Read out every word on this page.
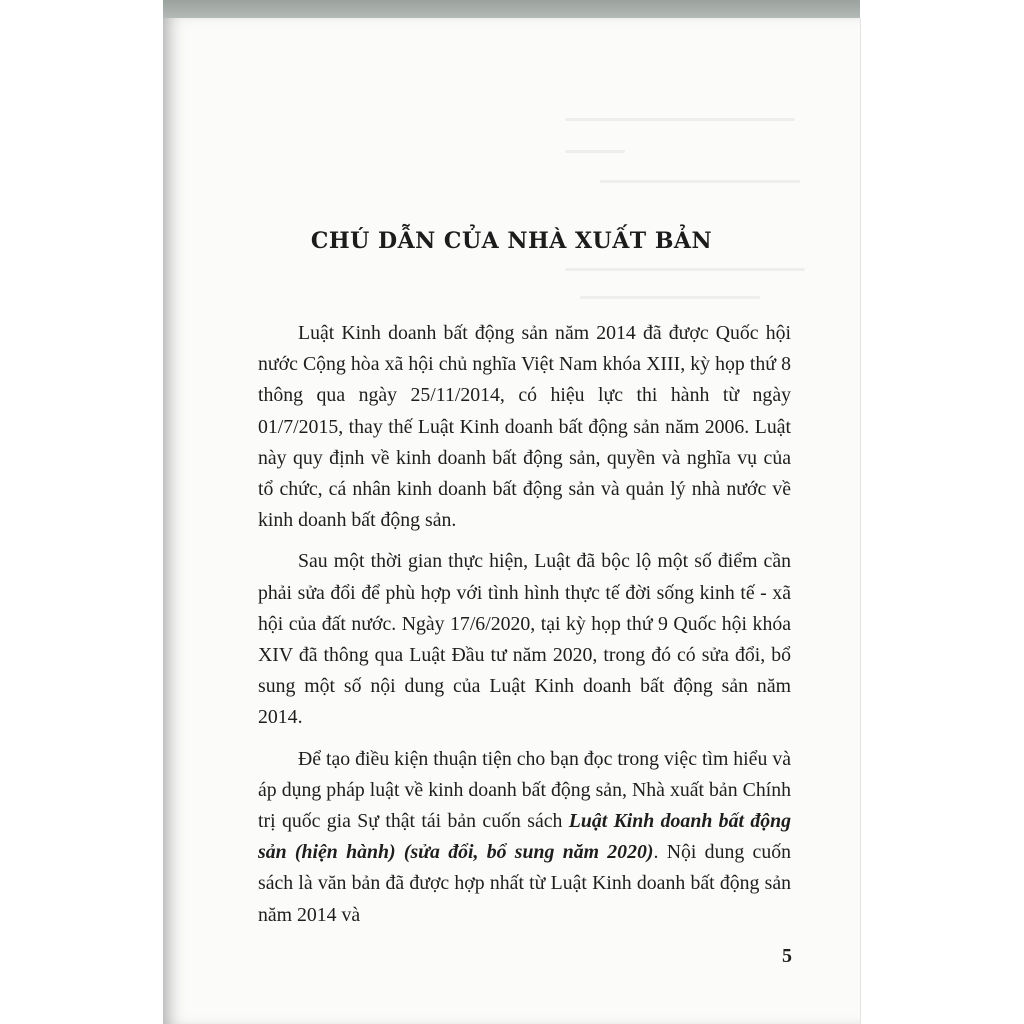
CHÚ DẪN CỦA NHÀ XUẤT BẢN

Luật Kinh doanh bất động sản năm 2014 đã được Quốc hội nước Cộng hòa xã hội chủ nghĩa Việt Nam khóa XIII, kỳ họp thứ 8 thông qua ngày 25/11/2014, có hiệu lực thi hành từ ngày 01/7/2015, thay thế Luật Kinh doanh bất động sản năm 2006. Luật này quy định về kinh doanh bất động sản, quyền và nghĩa vụ của tổ chức, cá nhân kinh doanh bất động sản và quản lý nhà nước về kinh doanh bất động sản.

Sau một thời gian thực hiện, Luật đã bộc lộ một số điểm cần phải sửa đổi để phù hợp với tình hình thực tế đời sống kinh tế - xã hội của đất nước. Ngày 17/6/2020, tại kỳ họp thứ 9 Quốc hội khóa XIV đã thông qua Luật Đầu tư năm 2020, trong đó có sửa đổi, bổ sung một số nội dung của Luật Kinh doanh bất động sản năm 2014.

Để tạo điều kiện thuận tiện cho bạn đọc trong việc tìm hiểu và áp dụng pháp luật về kinh doanh bất động sản, Nhà xuất bản Chính trị quốc gia Sự thật tái bản cuốn sách Luật Kinh doanh bất động sản (hiện hành) (sửa đổi, bổ sung năm 2020). Nội dung cuốn sách là văn bản đã được hợp nhất từ Luật Kinh doanh bất động sản năm 2014 và

5
